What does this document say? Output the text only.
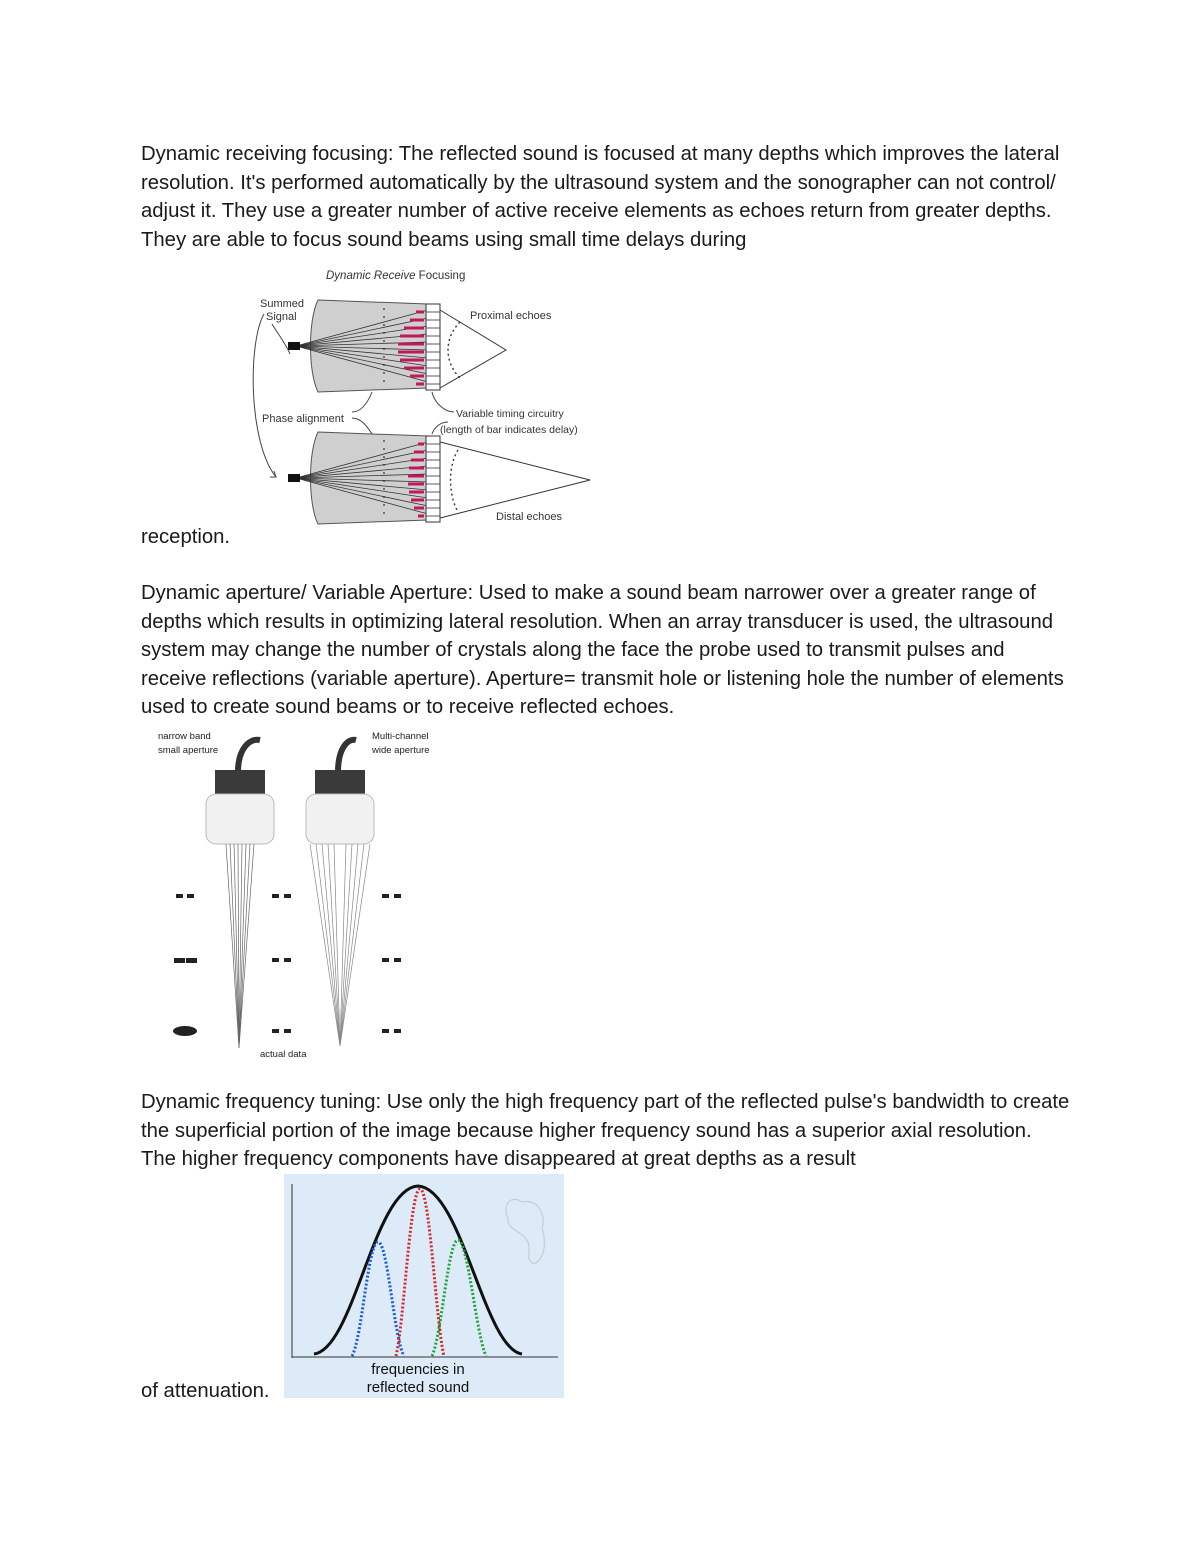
Dynamic receiving focusing: The reflected sound is focused at many depths which improves the lateral resolution. It's performed automatically by the ultrasound system and the sonographer can not control/ adjust it. They use a greater number of active receive elements as echoes return from greater depths. They are able to focus sound beams using small time delays during

Dynamic Receive Focusing
Summed
Signal
Phase alignment
Proximal echoes
Variable timing circuitry
(length of bar indicates delay)
Distal echoes

reception.

Dynamic aperture/ Variable Aperture: Used to make a sound beam narrower over a greater range of depths which results in optimizing lateral resolution. When an array transducer is used, the ultrasound system may change the number of crystals along the face the probe used to transmit pulses and receive reflections (variable aperture). Aperture= transmit hole or listening hole the number of elements used to create sound beams or to receive reflected echoes.

narrow band
small aperture
Multi-channel
wide aperture
actual data

Dynamic frequency tuning: Use only the high frequency part of the reflected pulse's bandwidth to create the superficial portion of the image because higher frequency sound has a superior axial resolution. The higher frequency components have disappeared at great depths as a result

frequencies in
reflected sound

of attenuation.
